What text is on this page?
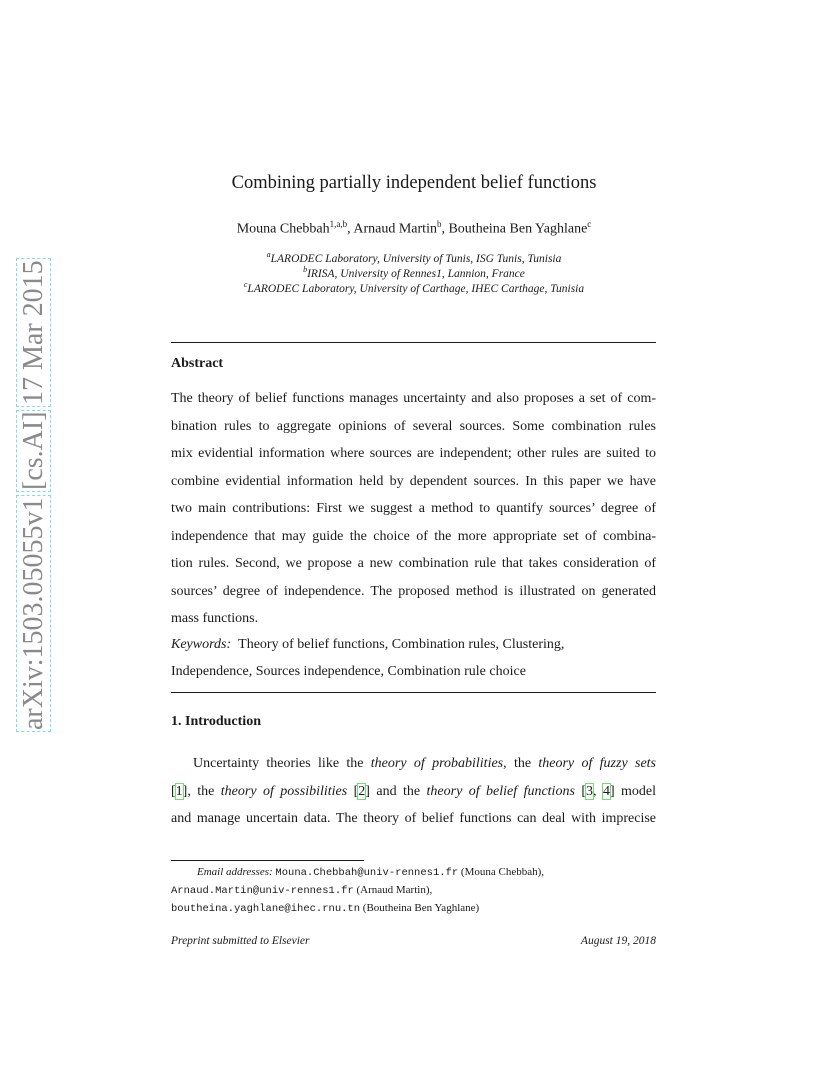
arXiv:1503.05055v1 [cs.AI] 17 Mar 2015
Combining partially independent belief functions
Mouna Chebbah$^{1,a,b}$, Arnaud Martin$^b$, Boutheina Ben Yaghlane$^c$
$^a$LARODEC Laboratory, University of Tunis, ISG Tunis, Tunisia
$^b$IRISA, University of Rennes1, Lannion, France
$^c$LARODEC Laboratory, University of Carthage, IHEC Carthage, Tunisia
Abstract
The theory of belief functions manages uncertainty and also proposes a set of com-
bination rules to aggregate opinions of several sources. Some combination rules
mix evidential information where sources are independent; other rules are suited to
combine evidential information held by dependent sources. In this paper we have
two main contributions: First we suggest a method to quantify sources’ degree of
independence that may guide the choice of the more appropriate set of combina-
tion rules. Second, we propose a new combination rule that takes consideration of
sources’ degree of independence. The proposed method is illustrated on generated
mass functions.
Keywords: Theory of belief functions, Combination rules, Clustering,
Independence, Sources independence, Combination rule choice
1. Introduction
Uncertainty theories like the theory of probabilities, the theory of fuzzy sets
[1], the theory of possibilities [2] and the theory of belief functions [3, 4] model
and manage uncertain data. The theory of belief functions can deal with imprecise
Email addresses: Mouna.Chebbah@univ-rennes1.fr (Mouna Chebbah),
Arnaud.Martin@univ-rennes1.fr (Arnaud Martin),
boutheina.yaghlane@ihec.rnu.tn (Boutheina Ben Yaghlane)
Preprint submitted to Elsevier	August 19, 2018
